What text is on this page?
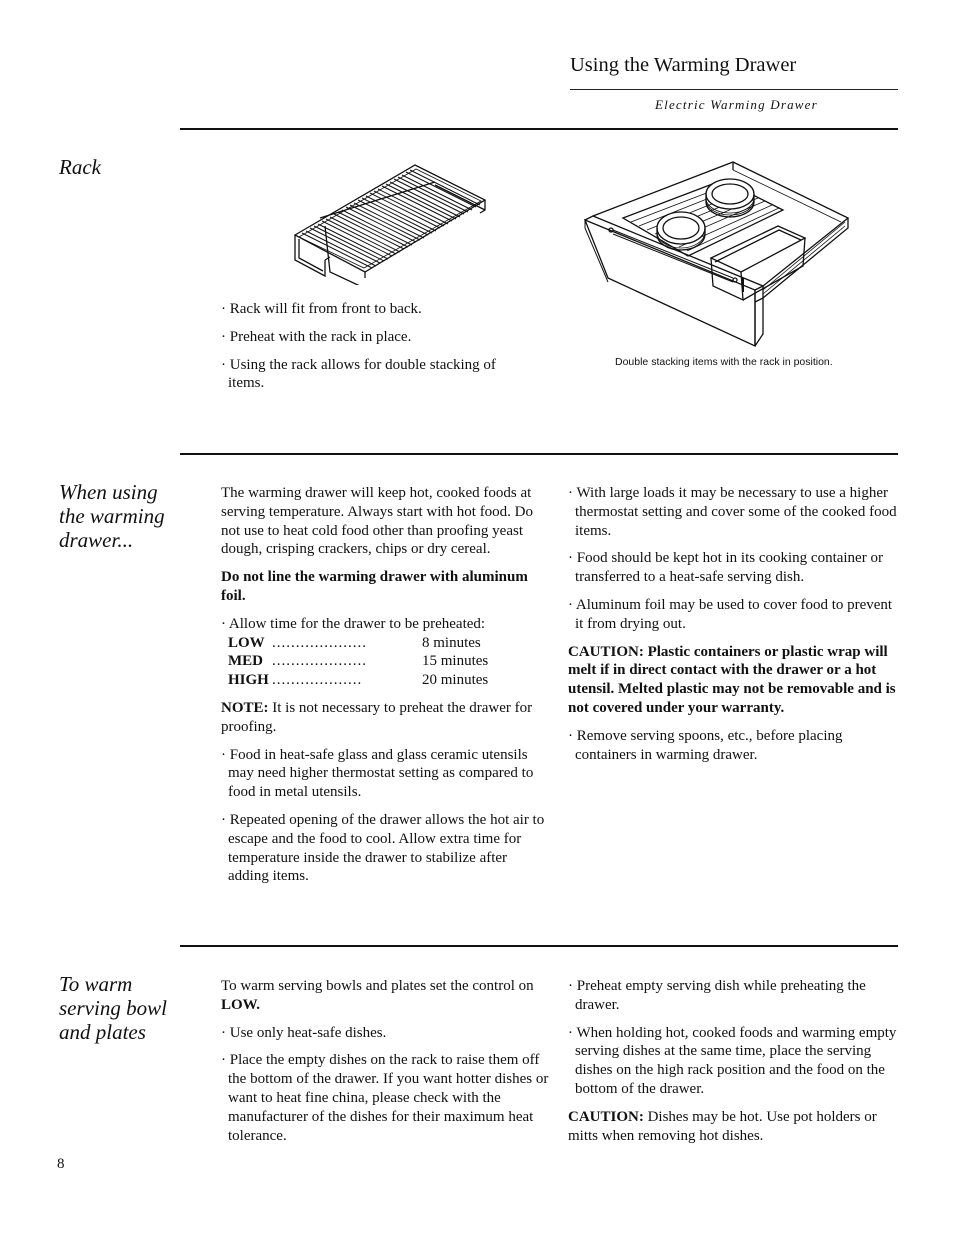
Using the Warming Drawer
Electric Warming Drawer
Rack

· Rack will fit from front to back.

· Preheat with the rack in place.

· Using the rack allows for double stacking of items.

Double stacking items with the rack in position.
When using the warming drawer...

The warming drawer will keep hot, cooked foods at serving temperature. Always start with hot food. Do not use to heat cold food other than proofing yeast dough, crisping crackers, chips or dry cereal.

Do not line the warming drawer with aluminum foil.

· Allow time for the drawer to be preheated:

LOW	....................	8 minutes
MED	....................	15 minutes
HIGH	...................	20 minutes

NOTE: It is not necessary to preheat the drawer for proofing.

· Food in heat-safe glass and glass ceramic utensils may need higher thermostat setting as compared to food in metal utensils.

· Repeated opening of the drawer allows the hot air to escape and the food to cool. Allow extra time for temperature inside the drawer to stabilize after adding items.

· With large loads it may be necessary to use a higher thermostat setting and cover some of the cooked food items.

· Food should be kept hot in its cooking container or transferred to a heat-safe serving dish.

· Aluminum foil may be used to cover food to prevent it from drying out.

CAUTION: Plastic containers or plastic wrap will melt if in direct contact with the drawer or a hot utensil. Melted plastic may not be removable and is not covered under your warranty.

· Remove serving spoons, etc., before placing containers in warming drawer.

To warm serving bowl and plates

To warm serving bowls and plates set the control on LOW.

· Use only heat-safe dishes.

· Place the empty dishes on the rack to raise them off the bottom of the drawer. If you want hotter dishes or want to heat fine china, please check with the manufacturer of the dishes for their maximum heat tolerance.

· Preheat empty serving dish while preheating the drawer.

· When holding hot, cooked foods and warming empty serving dishes at the same time, place the serving dishes on the high rack position and the food on the bottom of the drawer.

CAUTION: Dishes may be hot. Use pot holders or mitts when removing hot dishes.

8
